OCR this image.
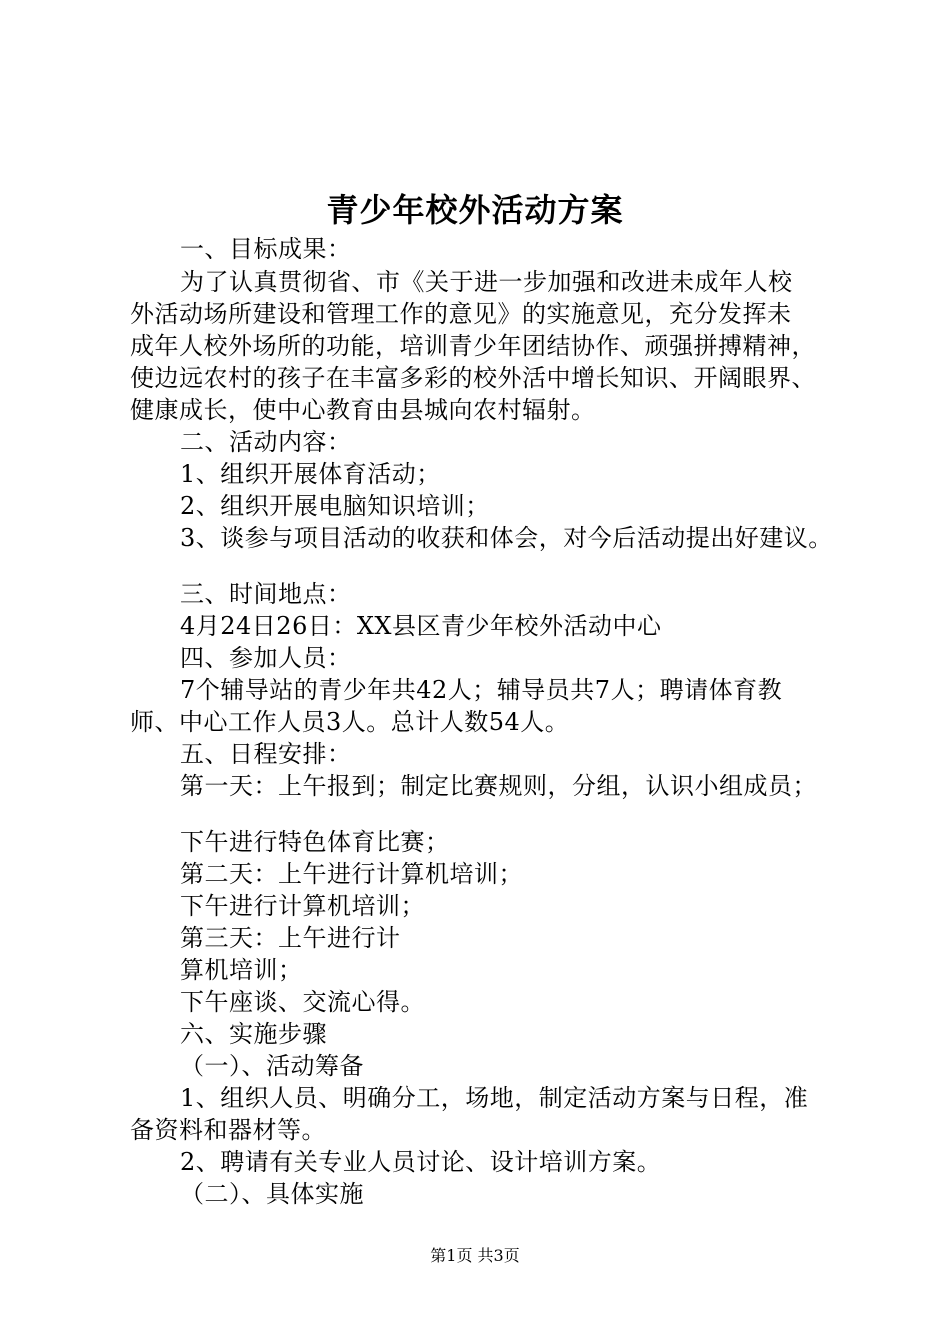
青少年校外活动方案
一、目标成果：
为了认真贯彻省、市《关于进一步加强和改进未成年人校
外活动场所建设和管理工作的意见》的实施意见，充分发挥未
成年人校外场所的功能，培训青少年团结协作、顽强拼搏精神，
使边远农村的孩子在丰富多彩的校外活中增长知识、开阔眼界、
健康成长，使中心教育由县城向农村辐射。
二、活动内容：
1、组织开展体育活动；
2、组织开展电脑知识培训；
3、谈参与项目活动的收获和体会，对今后活动提出好建议。
三、时间地点：
4月24日26日：XX县区青少年校外活动中心
四、参加人员：
7个辅导站的青少年共42人；辅导员共7人；聘请体育教
师、中心工作人员3人。总计人数54人。
五、日程安排：
第一天：上午报到；制定比赛规则，分组，认识小组成员；
下午进行特色体育比赛；
第二天：上午进行计算机培训；
下午进行计算机培训；
第三天：上午进行计
算机培训；
下午座谈、交流心得。
六、实施步骤
（一）、活动筹备
1、组织人员、明确分工，场地，制定活动方案与日程，准
备资料和器材等。
2、聘请有关专业人员讨论、设计培训方案。
（二）、具体实施
第1页 共3页
